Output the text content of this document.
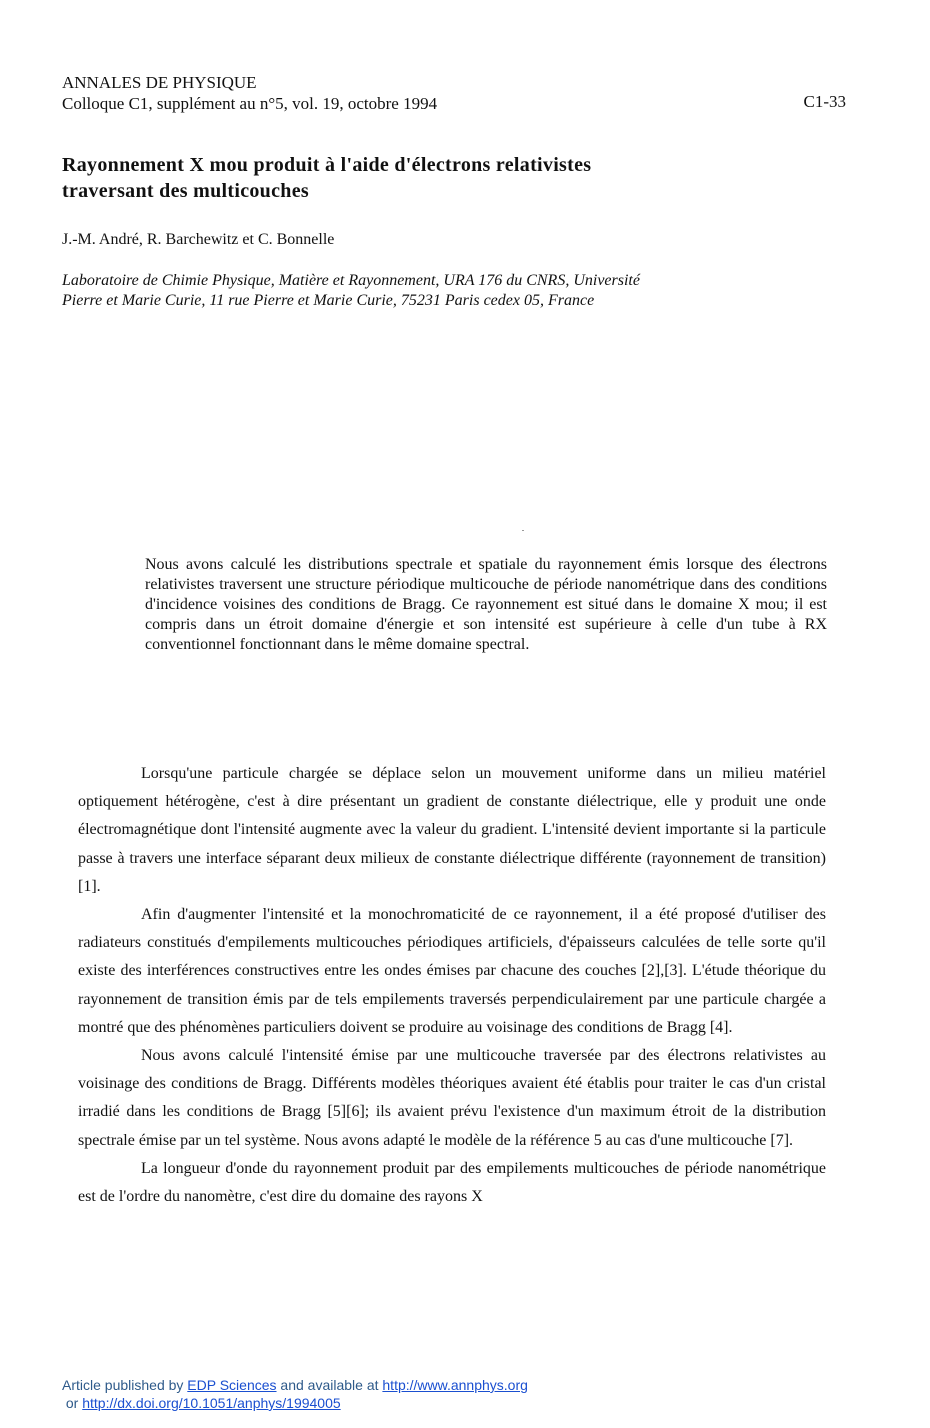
ANNALES DE PHYSIQUE
Colloque C1, supplément au n°5, vol. 19, octobre 1994	C1-33
Rayonnement X mou produit à l'aide d'électrons relativistes
traversant des multicouches
J.-M. André, R. Barchewitz et C. Bonnelle
Laboratoire de Chimie Physique, Matière et Rayonnement, URA 176 du CNRS, Université
Pierre et Marie Curie, 11 rue Pierre et Marie Curie, 75231 Paris cedex 05, France
Nous avons calculé les distributions spectrale et spatiale du rayonnement émis lorsque des électrons relativistes traversent une structure périodique multicouche de période nanométrique dans des conditions d'incidence voisines des conditions de Bragg. Ce rayonnement est situé dans le domaine X mou; il est compris dans un étroit domaine d'énergie et son intensité est supérieure à celle d'un tube à RX conventionnel fonctionnant dans le même domaine spectral.

Lorsqu'une particule chargée se déplace selon un mouvement uniforme dans un milieu matériel optiquement hétérogène, c'est à dire présentant un gradient de constante diélectrique, elle y produit une onde électromagnétique dont l'intensité augmente avec la valeur du gradient. L'intensité devient importante si la particule passe à travers une interface séparant deux milieux de constante diélectrique différente (rayonnement de transition) [1].

Afin d'augmenter l'intensité et la monochromaticité de ce rayonnement, il a été proposé d'utiliser des radiateurs constitués d'empilements multicouches périodiques artificiels, d'épaisseurs calculées de telle sorte qu'il existe des interférences constructives entre les ondes émises par chacune des couches [2],[3]. L'étude théorique du rayonnement de transition émis par de tels empilements traversés perpendiculairement par une particule chargée a montré que des phénomènes particuliers doivent se produire au voisinage des conditions de Bragg [4].

Nous avons calculé l'intensité émise par une multicouche traversée par des électrons relativistes au voisinage des conditions de Bragg. Différents modèles théoriques avaient été établis pour traiter le cas d'un cristal irradié dans les conditions de Bragg [5][6]; ils avaient prévu l'existence d'un maximum étroit de la distribution spectrale émise par un tel système. Nous avons adapté le modèle de la référence 5 au cas d'une multicouche [7].

La longueur d'onde du rayonnement produit par des empilements multicouches de période nanométrique est de l'ordre du nanomètre, c'est dire du domaine des rayons X

Article published by EDP Sciences and available at http://www.annphys.org
or http://dx.doi.org/10.1051/anphys/1994005
